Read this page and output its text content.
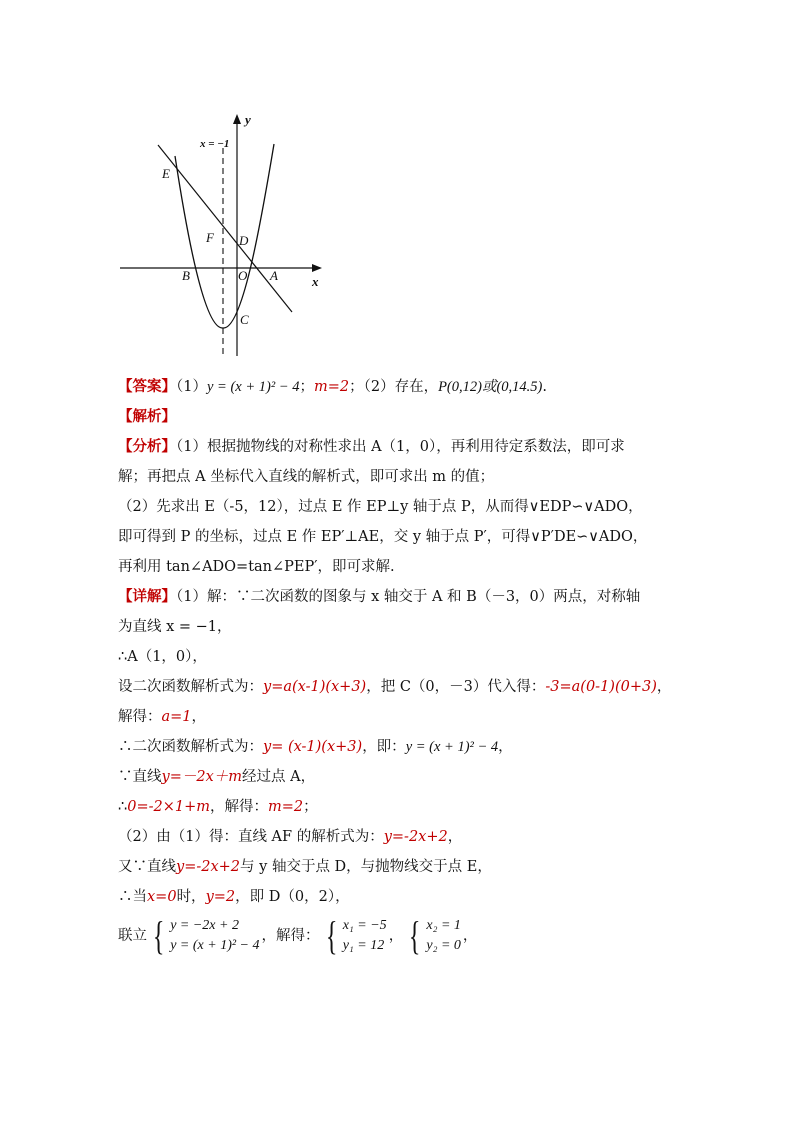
y
x
x = −1
E
F D
B	O A
C
【答案】（1）y = (x + 1)² − 4；m=2；（2）存在，P(0,12)或(0,14.5).
【解析】
【分析】（1）根据抛物线的对称性求出 A（1，0），再利用待定系数法，即可求
解；再把点 A 坐标代入直线的解析式，即可求出 m 的值；
（2）先求出 E（-5，12），过点 E 作 EP⊥y 轴于点 P，从而得∨EDP∽∨ADO，
即可得到 P 的坐标，过点 E 作 EP′⊥AE，交 y 轴于点 P′，可得∨P′DE∽∨ADO，
再利用 tan∠ADO=tan∠PEP′，即可求解.
【详解】（1）解：∵二次函数的图象与 x 轴交于 A 和 B（－3，0）两点，对称轴
为直线 x = −1，
∴A（1，0），
设二次函数解析式为：y=a(x-1)(x+3)，把 C（0，－3）代入得：-3=a(0-1)(0+3)，
解得：a=1，
∴二次函数解析式为：y= (x-1)(x+3)，即：y = (x + 1)² − 4，
∵直线y=－2x＋m经过点 A，
∴0=-2×1+m，解得：m=2；
（2）由（1）得：直线 AF 的解析式为：y=-2x+2，
又∵直线y=-2x+2与 y 轴交于点 D，与抛物线交于点 E，
∴当x=0时，y=2，即 D（0，2），
联立 { y = −2x + 2
y = (x + 1)² − 4
，解得： { x₁ = −5
y₁ = 12
， { x₂ = 1
y₂ = 0
，
